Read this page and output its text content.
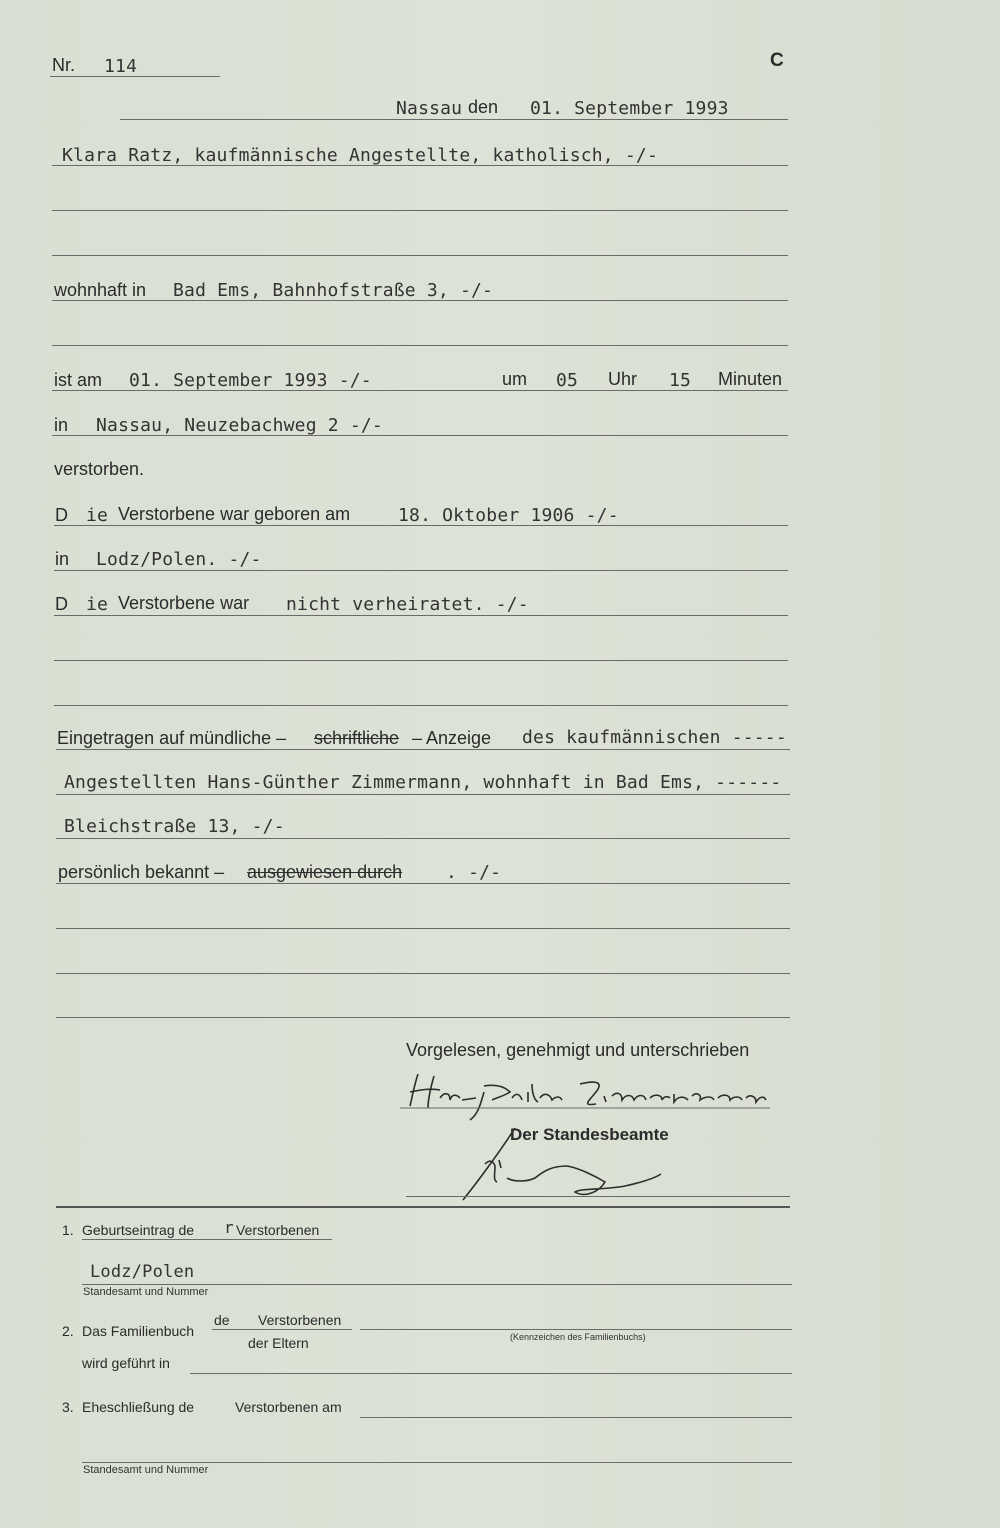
Nr. 114	C
Nassau den 01. September 1993
Klara Ratz, kaufmännische Angestellte, katholisch, -/-
wohnhaft in Bad Ems, Bahnhofstraße 3, -/-
ist am 01. September 1993 -/-	um 05 Uhr 15 Minuten
in Nassau, Neuzebachweg 2 -/-
verstorben.
D ie Verstorbene war geboren am	18. Oktober 1906 -/-
in Lodz/Polen. -/-
D ie Verstorbene war nicht verheiratet. -/-
Eingetragen auf mündliche – schriftliche – Anzeige des kaufmännischen -----
Angestellten Hans-Günther Zimmermann, wohnhaft in Bad Ems, ------
Bleichstraße 13, -/-
persönlich bekannt – ausgewiesen durch . -/-
Vorgelesen, genehmigt und unterschrieben
Der Standesbeamte
1. Geburtseintrag de r Verstorbenen
Lodz/Polen
Standesamt und Nummer
2. Das Familienbuch
de Verstorbenen
der Eltern	(Kennzeichen des Familienbuchs)
wird geführt in
3. Eheschließung de	Verstorbenen am
Standesamt und Nummer
